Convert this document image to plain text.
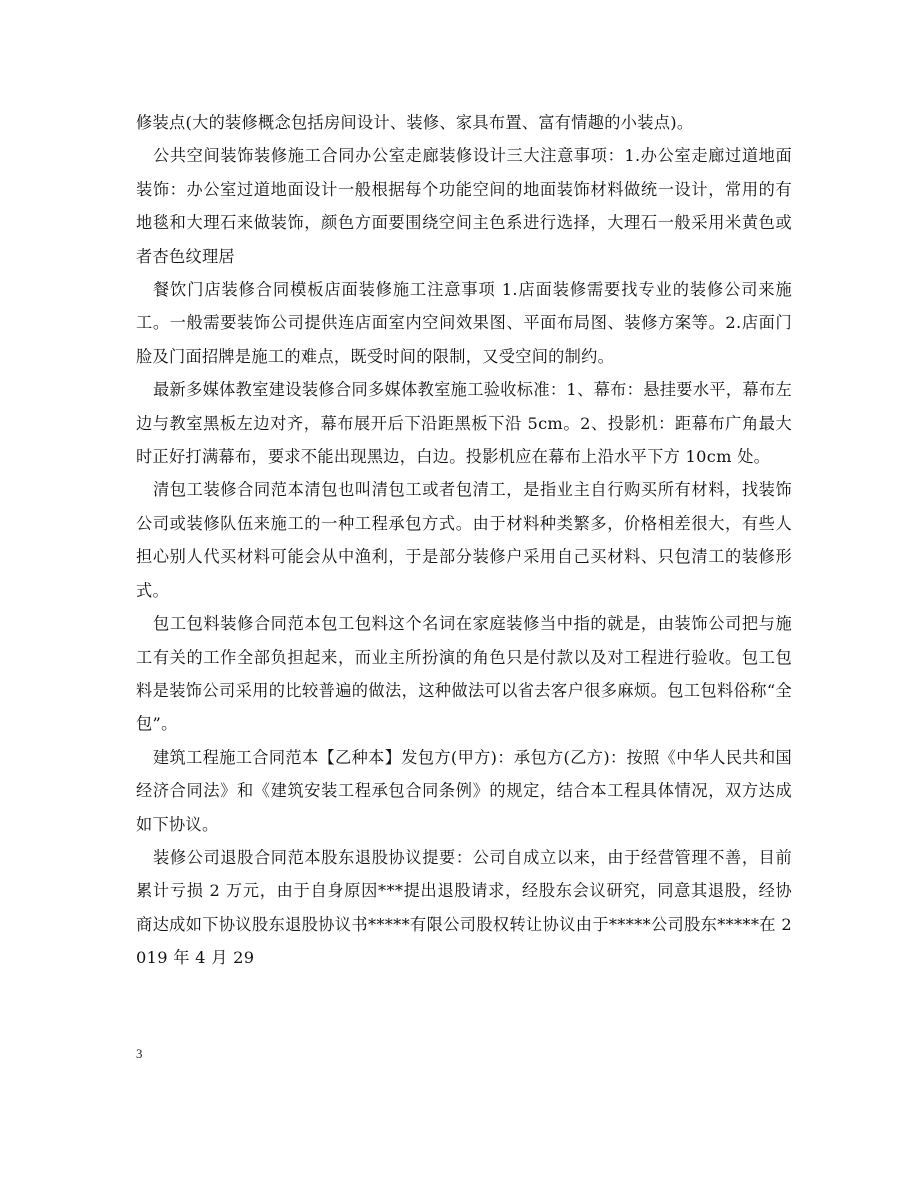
修装点(大的装修概念包括房间设计、装修、家具布置、富有情趣的小装点)。

公共空间装饰装修施工合同办公室走廊装修设计三大注意事项：1.办公室走廊过道地面装饰：办公室过道地面设计一般根据每个功能空间的地面装饰材料做统一设计，常用的有地毯和大理石来做装饰，颜色方面要围绕空间主色系进行选择，大理石一般采用米黄色或者杏色纹理居

餐饮门店装修合同模板店面装修施工注意事项 1.店面装修需要找专业的装修公司来施工。一般需要装饰公司提供连店面室内空间效果图、平面布局图、装修方案等。2.店面门脸及门面招牌是施工的难点，既受时间的限制，又受空间的制约。

最新多媒体教室建设装修合同多媒体教室施工验收标准：1、幕布：悬挂要水平，幕布左边与教室黑板左边对齐，幕布展开后下沿距黑板下沿 5cm。2、投影机：距幕布广角最大时正好打满幕布，要求不能出现黑边，白边。投影机应在幕布上沿水平下方 10cm 处。

清包工装修合同范本清包也叫清包工或者包清工，是指业主自行购买所有材料，找装饰公司或装修队伍来施工的一种工程承包方式。由于材料种类繁多，价格相差很大，有些人担心别人代买材料可能会从中渔利，于是部分装修户采用自己买材料、只包清工的装修形式。

包工包料装修合同范本包工包料这个名词在家庭装修当中指的就是，由装饰公司把与施工有关的工作全部负担起来，而业主所扮演的角色只是付款以及对工程进行验收。包工包料是装饰公司采用的比较普遍的做法，这种做法可以省去客户很多麻烦。包工包料俗称“全包”。

建筑工程施工合同范本【乙种本】发包方(甲方)：承包方(乙方)：按照《中华人民共和国经济合同法》和《建筑安装工程承包合同条例》的规定，结合本工程具体情况，双方达成如下协议。

装修公司退股合同范本股东退股协议提要：公司自成立以来，由于经营管理不善，目前累计亏损 2 万元，由于自身原因***提出退股请求，经股东会议研究，同意其退股，经协商达成如下协议股东退股协议书*****有限公司股权转让协议由于*****公司股东*****在 2019 年 4 月 29

3
